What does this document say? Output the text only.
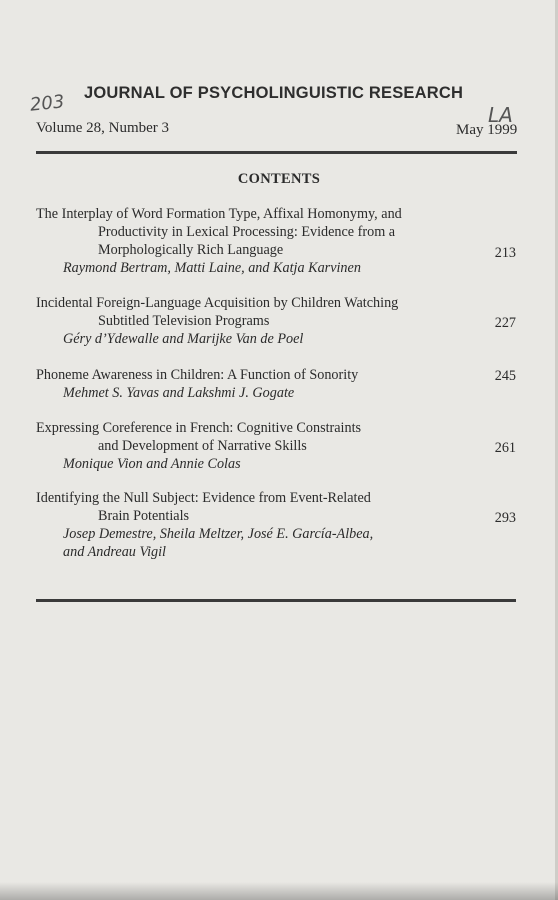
203	LA
JOURNAL OF PSYCHOLINGUISTIC RESEARCH
Volume 28, Number 3	May 1999
CONTENTS
The Interplay of Word Formation Type, Affixal Homonymy, and
Productivity in Lexical Processing: Evidence from a
Morphologically Rich Language
Raymond Bertram, Matti Laine, and Katja Karvinen
213
Incidental Foreign-Language Acquisition by Children Watching
Subtitled Television Programs
Géry d’Ydewalle and Marijke Van de Poel
227
Phoneme Awareness in Children: A Function of Sonority
Mehmet S. Yavas and Lakshmi J. Gogate
245
Expressing Coreference in French: Cognitive Constraints
and Development of Narrative Skills
Monique Vion and Annie Colas
261
Identifying the Null Subject: Evidence from Event-Related
Brain Potentials
Josep Demestre, Sheila Meltzer, José E. García-Albea,
and Andreau Vigil
293
